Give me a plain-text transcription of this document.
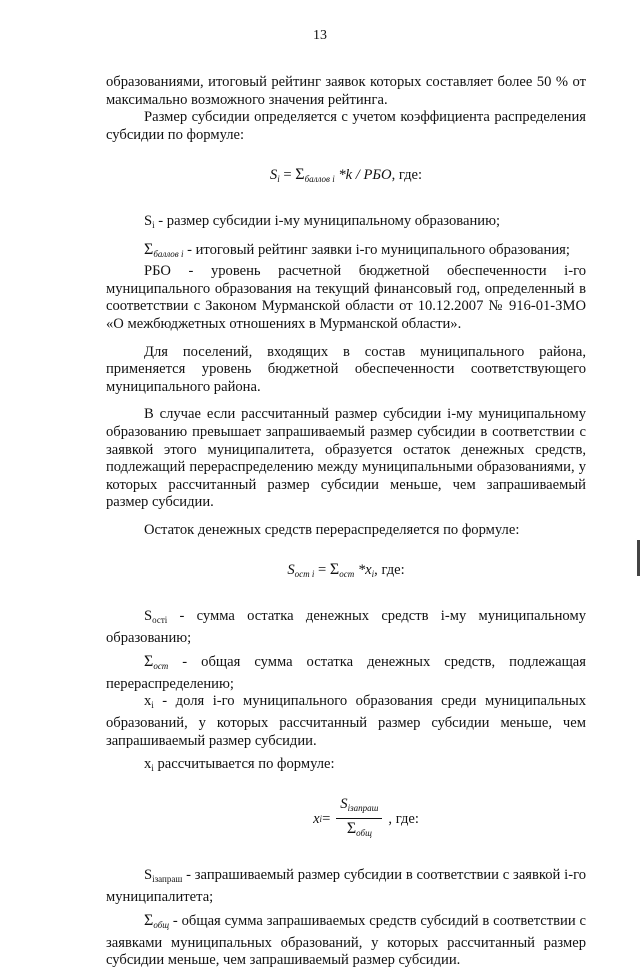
13

образованиями, итоговый рейтинг заявок которых составляет более 50 % от максимально возможного значения рейтинга.

Размер субсидии определяется с учетом коэффициента распределения субсидии по формуле:

$S_i = \Sigma_{баллов i}$ *k / РБО, где:

$S_i$ - размер субсидии i-му муниципальному образованию;

$\Sigma_{баллов i}$ - итоговый рейтинг заявки i-го муниципального образования;

РБО - уровень расчетной бюджетной обеспеченности i-го муниципального образования на текущий финансовый год, определенный в соответствии с Законом Мурманской области от 10.12.2007 № 916-01-ЗМО «О межбюджетных отношениях в Мурманской области».

Для поселений, входящих в состав муниципального района, применяется уровень бюджетной обеспеченности соответствующего муниципального района.

В случае если рассчитанный размер субсидии i-му муниципальному образованию превышает запрашиваемый размер субсидии в соответствии с заявкой этого муниципалитета, образуется остаток денежных средств, подлежащий перераспределению между муниципальными образованиями, у которых рассчитанный размер субсидии меньше, чем запрашиваемый размер субсидии.

Остаток денежных средств перераспределяется по формуле:

$S_{ост i} = \Sigma_{ост}$ $*x_i$, где:

$S_{остi}$ - сумма остатка денежных средств i-му муниципальному образованию;

$\Sigma_{ост}$ - общая сумма остатка денежных средств, подлежащая перераспределению;

$x_i$ - доля i-го муниципального образования среди муниципальных образований, у которых рассчитанный размер субсидии меньше, чем запрашиваемый размер субсидии.

$x_i$ рассчитывается по формуле:

x $i = \frac{S_{iзапраш}}{\Sigma_{общ}}$ , где:

$S_{iзапраш}$ - запрашиваемый размер субсидии в соответствии с заявкой i-го муниципалитета;

$\Sigma_{общ}$ - общая сумма запрашиваемых средств субсидий в соответствии с заявками муниципальных образований, у которых рассчитанный размер субсидии меньше, чем запрашиваемый размер субсидии.
